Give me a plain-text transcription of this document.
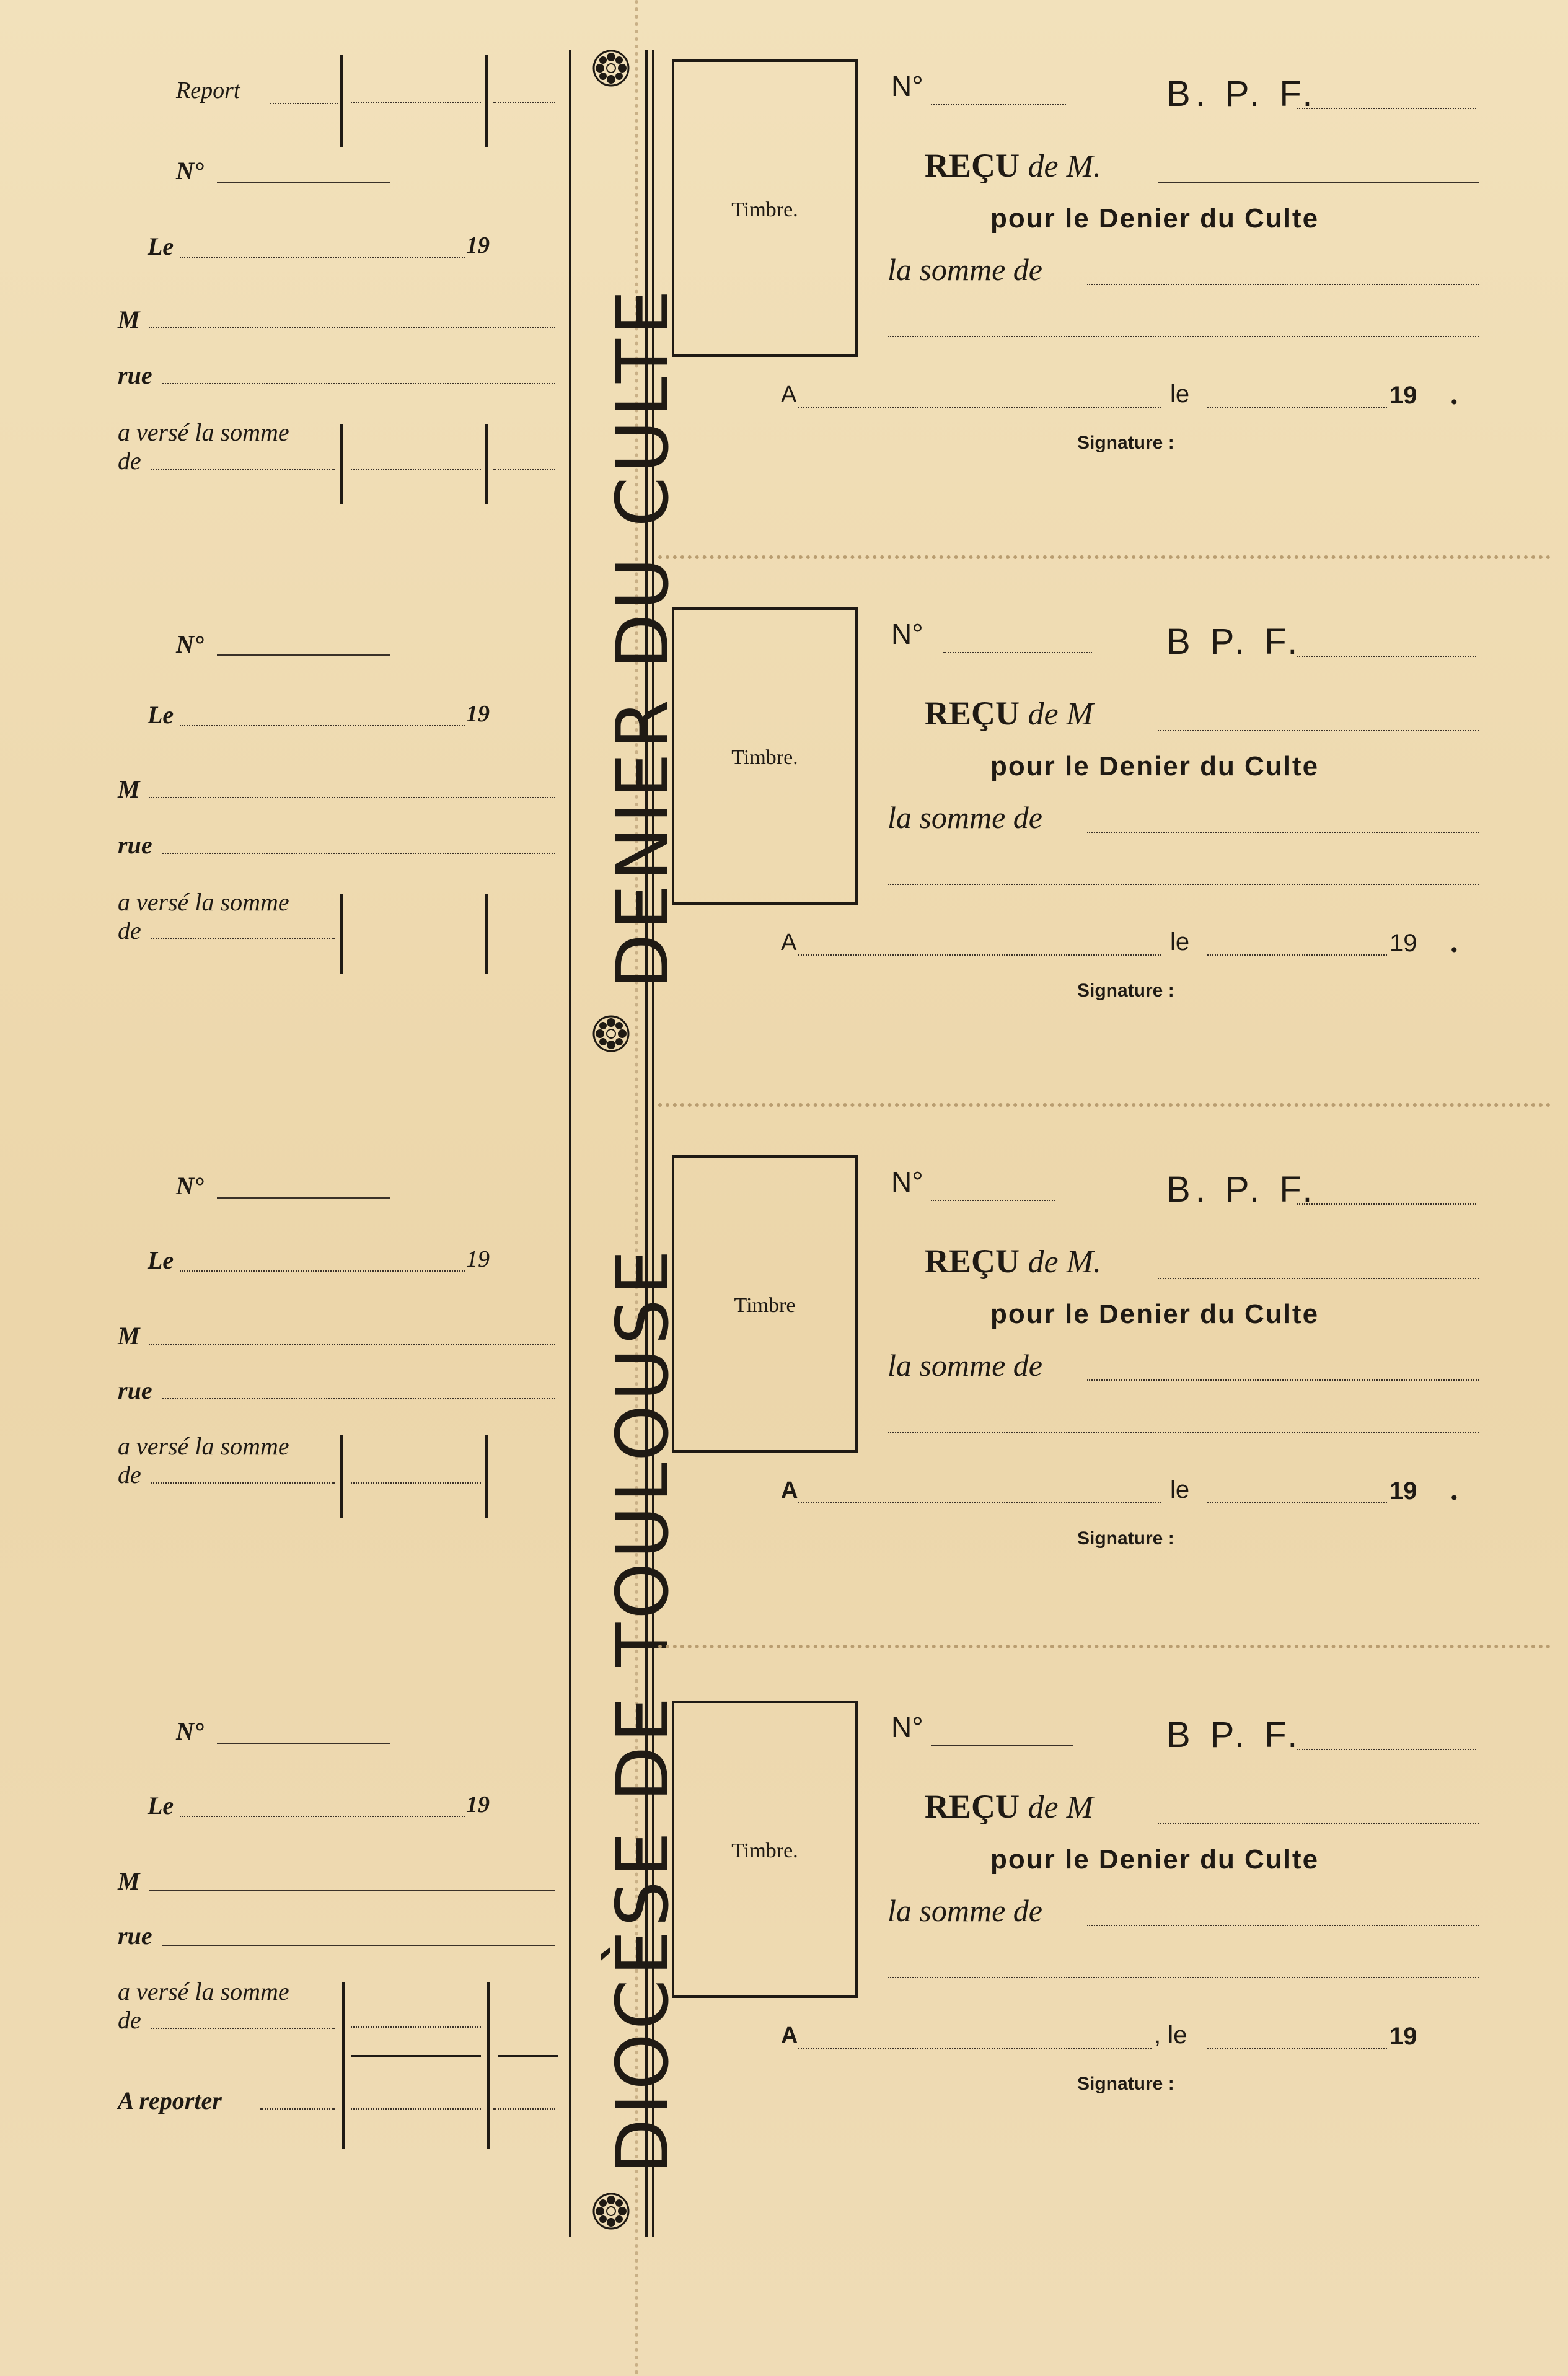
Report
N°
Le	19
M
rue
a versé la somme
de
N°
Le	19
M
rue
a versé la somme
de
N°
Le	19
M
rue
a versé la somme
de
N°
Le	19
M
rue
a versé la somme
de
A reporter	DIOCÈSE DE TOULOUSE
DENIER DU CULTE
Timbre.
N°	B. P. F.
REÇU de M.
pour le Denier du Culte
la somme de
A	le	19 .
Signature :
Timbre.
N°	B P. F.
REÇU de M
pour le Denier du Culte
la somme de
A	le	19 .
Signature :
Timbre
N°	B. P. F.
REÇU de M.
pour le Denier du Culte
la somme de
A	le	19 .
Signature :
Timbre.
N°	B P. F.
REÇU de M
pour le Denier du Culte
la somme de
A	, le	19
Signature :
